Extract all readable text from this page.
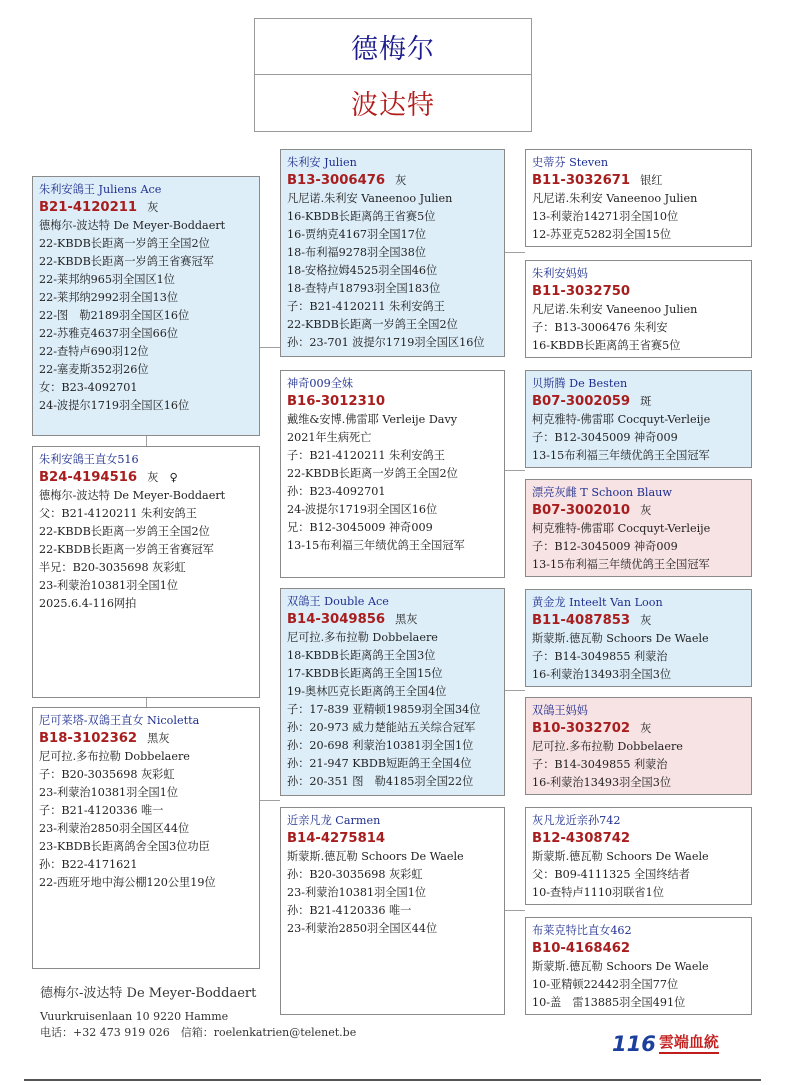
德梅尔
波达特
朱利安鴿王 Juliens Ace
B21-4120211 灰
德梅尔-波达特 De Meyer-Boddaert
22-KBDB长距离一岁鸽王全国2位
22-KBDB长距离一岁鸽王省赛冠军
22-莱邦纳965羽全国区1位
22-莱邦纳2992羽全国13位
22-图　勒2189羽全国区16位
22-苏雅克4637羽全国66位
22-查特卢690羽12位
22-塞麦斯352羽26位
女：B23-4092701
24-波提尔1719羽全国区16位
朱利安鴿王直女516
B24-4194516 灰　♀
德梅尔-波达特 De Meyer-Boddaert
父：B21-4120211 朱利安鸽王
22-KBDB长距离一岁鸽王全国2位
22-KBDB长距离一岁鸽王省赛冠军
半兄：B20-3035698 灰彩虹
23-利蒙治10381羽全国1位
2025.6.4-116网拍
尼可莱塔-双鴿王直女 Nicoletta
B18-3102362 黑灰
尼可拉.多布拉勒 Dobbelaere
子：B20-3035698 灰彩虹
23-利蒙治10381羽全国1位
子：B21-4120336 唯一
23-利蒙治2850羽全国区44位
23-KBDB长距离鸽舍全国3位功臣
孙：B22-4171621
22-西班牙地中海公棚120公里19位
朱利安 Julien
B13-3006476 灰
凡尼诺.朱利安 Vaneenoo Julien
16-KBDB长距离鸽王省赛5位
16-贾纳克4167羽全国17位
18-布利福9278羽全国38位
18-安格拉姆4525羽全国46位
18-查特卢18793羽全国183位
子：B21-4120211 朱利安鸽王
22-KBDB长距离一岁鸽王全国2位
孙：23-701 波提尔1719羽全国区16位
神奇009全妹
B16-3012310
戴维&安博.佛雷耶 Verleije Davy
2021年生病死亡
子：B21-4120211 朱利安鸽王
22-KBDB长距离一岁鸽王全国2位
孙：B23-4092701
24-波提尔1719羽全国区16位
兄：B12-3045009 神奇009
13-15布利福三年绩优鸽王全国冠军
双鴿王 Double Ace
B14-3049856 黑灰
尼可拉.多布拉勒 Dobbelaere
18-KBDB长距离鸽王全国3位
17-KBDB长距离鸽王全国15位
19-奥林匹克长距离鸽王全国4位
子：17-839 亚精顿19859羽全国34位
孙：20-973 威力楚能站五关综合冠军
孙：20-698 利蒙治10381羽全国1位
孙：21-947 KBDB短距鸽王全国4位
孙：20-351 图　勒4185羽全国22位
近亲凡龙 Carmen
B14-4275814
斯蒙斯.德瓦勒 Schoors De Waele
孙：B20-3035698 灰彩虹
23-利蒙治10381羽全国1位
孙：B21-4120336 唯一
23-利蒙治2850羽全国区44位
史蒂芬 Steven
B11-3032671 银红
凡尼诺.朱利安 Vaneenoo Julien
13-利蒙治14271羽全国10位
12-苏亚克5282羽全国15位
朱利安妈妈
B11-3032750
凡尼诺.朱利安 Vaneenoo Julien
子：B13-3006476 朱利安
16-KBDB长距离鸽王省赛5位
贝斯腾 De Besten
B07-3002059 斑
柯克雅特-佛雷耶 Cocquyt-Verleije
子：B12-3045009 神奇009
13-15布利福三年绩优鸽王全国冠军
漂亮灰雌 T Schoon Blauw
B07-3002010 灰
柯克雅特-佛雷耶 Cocquyt-Verleije
子：B12-3045009 神奇009
13-15布利福三年绩优鸽王全国冠军
黄金龙 Inteelt Van Loon
B11-4087853 灰
斯蒙斯.德瓦勒 Schoors De Waele
子：B14-3049855 利蒙治
16-利蒙治13493羽全国3位
双鴿王妈妈
B10-3032702 灰
尼可拉.多布拉勒 Dobbelaere
子：B14-3049855 利蒙治
16-利蒙治13493羽全国3位
灰凡龙近亲孙742
B12-4308742
斯蒙斯.德瓦勒 Schoors De Waele
父：B09-4111325 全国终结者
10-查特卢1110羽联省1位
布莱克特比直女462
B10-4168462
斯蒙斯.德瓦勒 Schoors De Waele
10-亚精顿22442羽全国77位
10-盖　雷13885羽全国491位
德梅尔-波达特 De Meyer-Boddaert
Vuurkruisenlaan 10 9220 Hamme
电话：+32 473 919 026　信箱：roelenkatrien@telenet.be	116 雲端血統
